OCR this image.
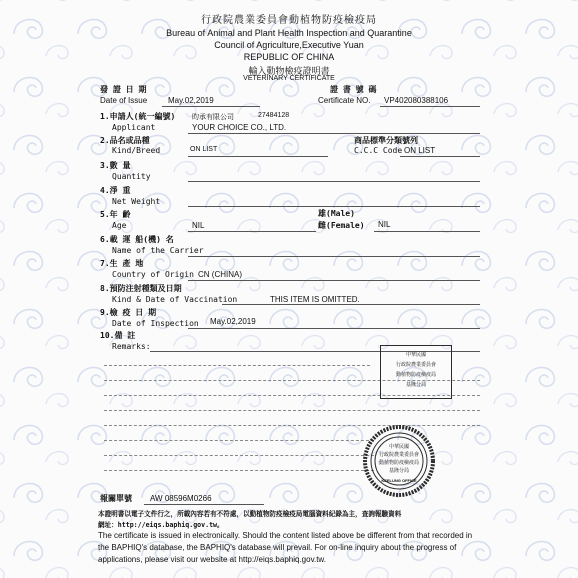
行政院農業委員會動植物防疫檢疫局
Bureau of Animal and Plant Health Inspection and Quarantine
Council of Agriculture,Executive Yuan
REPUBLIC OF CHINA
輸入動物檢疫證明書
VETERINARY CERTIFICATE
發 證 日 期
Date of Issue	May.02,2019
證 書 號 碼
Certificate NO. VP402080388106
1.申請人(統一編號)
Applicant
昀承有限公司	27484128
YOUR CHOICE CO., LTD.
2.品名或品種
Kind/Breed	ON LIST
商品標準分類號列
C.C.C Code ON LIST
3.數 量
Quantity
4.淨 重
Net Weight
5.年 齡
Age	NIL
雄(Male)
雌(Female) NIL
6.載 運 船(機) 名
Name of the Carrier
7.生 產 地
Country of Origin CN (CHINA)
8.預防注射種類及日期
Kind & Date of Vaccination	THIS ITEM IS OMITTED.
9.檢 疫 日 期
Date of Inspection May.02,2019
10.備 註
Remarks:
中華民國
行政院農業委員會
動植物防疫檢疫局
基隆分局
中華民國
行政院農業委員會
動植物防疫檢疫局
基隆分局
KEELUNG OFFICE
報關單號 AW 08596M0266
本證明書以電子文件行之，所載內容若有不符處，以動植物防疫檢疫局電腦資料紀錄為主，查詢報驗資料
網址：http://eiqs.baphiq.gov.tw。
The certificate is issued in electronically. Should the content listed above be different from that recorded in the BAPHIQ's database, the BAPHIQ's database will prevail. For on-line inquiry about the progress of applications, please visit our website at http://eiqs.baphiq.gov.tw.
